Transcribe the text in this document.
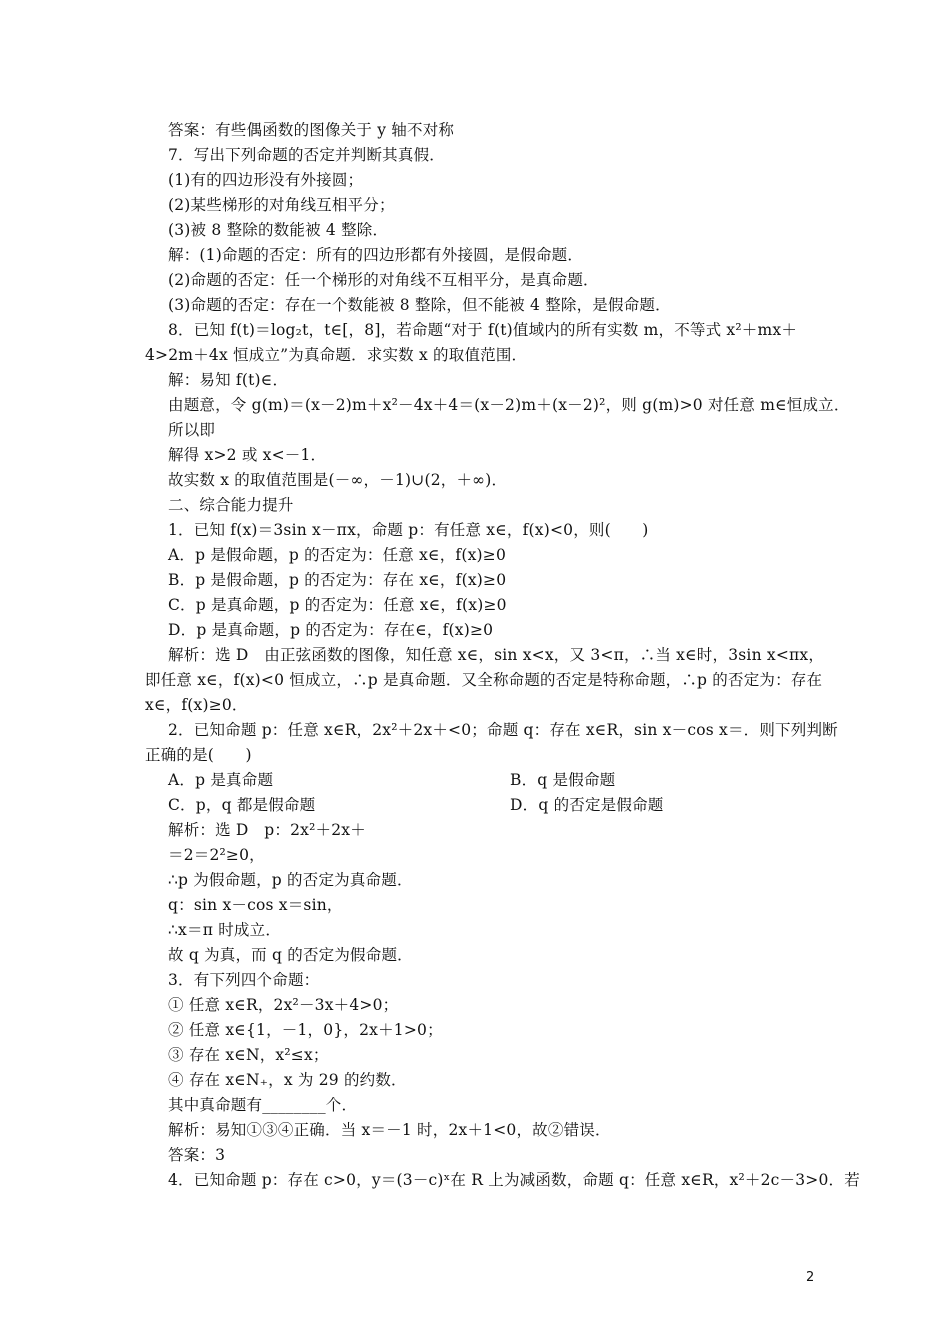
答案：有些偶函数的图像关于 y 轴不对称
7．写出下列命题的否定并判断其真假．
(1)有的四边形没有外接圆；
(2)某些梯形的对角线互相平分；
(3)被 8 整除的数能被 4 整除．
解：(1)命题的否定：所有的四边形都有外接圆，是假命题．
(2)命题的否定：任一个梯形的对角线不互相平分，是真命题．
(3)命题的否定：存在一个数能被 8 整除，但不能被 4 整除，是假命题．
8．已知 f(t)＝log₂t，t∈[，8]，若命题“对于 f(t)值域内的所有实数 m，不等式 x²＋mx＋
4>2m＋4x 恒成立”为真命题．求实数 x 的取值范围．
解：易知 f(t)∈．
由题意，令 g(m)＝(x－2)m＋x²－4x＋4＝(x－2)m＋(x－2)²，则 g(m)>0 对任意 m∈恒成立．
所以即
解得 x>2 或 x<－1．
故实数 x 的取值范围是(－∞，－1)∪(2，＋∞)．
二、综合能力提升
1．已知 f(x)＝3sin x－πx，命题 p：有任意 x∈，f(x)<0，则(　　)
A．p 是假命题，p 的否定为：任意 x∈，f(x)≥0
B．p 是假命题，p 的否定为：存在 x∈，f(x)≥0
C．p 是真命题，p 的否定为：任意 x∈，f(x)≥0
D．p 是真命题，p 的否定为：存在∈，f(x)≥0
解析：选 D　由正弦函数的图像，知任意 x∈，sin x<x，又 3<π，∴当 x∈时，3sin x<πx，
即任意 x∈，f(x)<0 恒成立，∴p 是真命题．又全称命题的否定是特称命题，∴p 的否定为：存在
x∈，f(x)≥0．
2．已知命题 p：任意 x∈R，2x²＋2x＋<0；命题 q：存在 x∈R，sin x－cos x＝．则下列判断
正确的是(　　)
A．p 是真命题	B．q 是假命题
C．p，q 都是假命题	D．q 的否定是假命题
解析：选 D　p：2x²＋2x＋
＝2＝2²≥0，
∴p 为假命题，p 的否定为真命题．
q：sin x－cos x＝sin，
∴x＝π 时成立．
故 q 为真，而 q 的否定为假命题．
3．有下列四个命题：
① 任意 x∈R，2x²－3x＋4>0；
② 任意 x∈{1，－1，0}，2x＋1>0；
③ 存在 x∈N，x²≤x；
④ 存在 x∈N₊，x 为 29 的约数．
其中真命题有________个．
解析：易知①③④正确．当 x＝－1 时，2x＋1<0，故②错误．
答案：3
4．已知命题 p：存在 c>0，y＝(3－c)ˣ在 R 上为减函数，命题 q：任意 x∈R，x²＋2c－3>0．若
2
